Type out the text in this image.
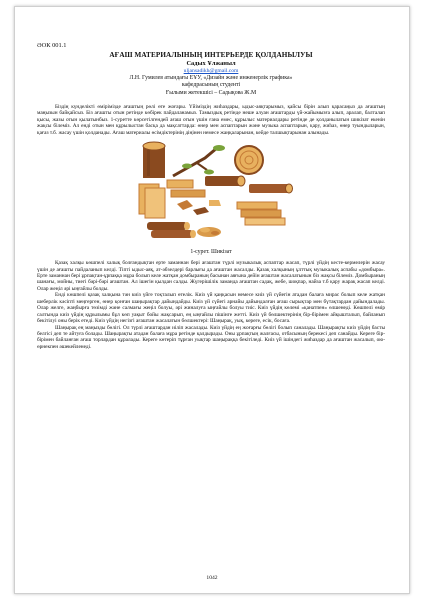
ӘОК 001.1
АҒАШ МАТЕРИАЛЫНЫҢ ИНТЕРЬЕРДЕ ҚОЛДАНЫЛУЫ
Садых Ұлжаныл
uljansadikh@gmail.com
Л.Н. Гумилев атындағы ЕҰУ, «Дизайн және инженерлік графика»
кафедрасының студенті
Ғылыми жетекшісі – Садықова Ж.М

Біздің күнделікті өмірімізде ағаштың рөлі өте жоғары. Үйіміздің жиһаздары, ыдыс-аяқтарымыз, қайсы бірін алып қарасаңыз да ағаштың маңызын байқайсыз. Біз ағашты отын ретінде көбірек пайдаланамыз. Тамыздық ретінде неше алуан ағаштарды үй-жайымызға алып, аралап, балталап қысы, жазы отын қылатынбыз. 1-суретте көрсетілгендей ағаш отын үшін ғана емес, құрылыс материалдары ретінде де қолданылатын шикізат екенін жақсы білеміз. Ал енді отын мен құрылыстан басқа да мақсаттарда: өнер мен аспаптарын және музыка аспаптарын, қару, жиһаз, өнер туындыларын, қағаз т.б. жасау үшін қолданады. Ағаш материалы өсімдіктерінің діңінен немесе жаңқаларынан, кейде талшықтарынан алынады.

1-сурет. Шикізат

Қазақ халқы көшпелі халық болғандықтан ерте заманнан бері ағаштан түрлі музыкалық аспаптар жасап, түрлі үйдің кесте-кермелерін жасау үшін де ағашты пайдаланып келді. Тіпті ыдыс-аяқ, ат-әбзелдері барлығы да ағаштан жасалды. Қазақ халқының ұлттық музыкалық аспабы «домбыра». Ерте заманнан бері ұрпақтан-ұрпаққа мұра болып келе жатқан домбыраның басынан аяғына дейін ағаштан жасалатынын біз жақсы білеміз. Домбыраның шанағы, мойны, тиегі бәрі-бәрі ағаштан. Ал ішегін қылдан салды. Жүгерішілік заманда ағаштан садақ, жебе, шоқпар, найза т.б қару жарақ жасап келді. Олар жеңіл әрі ыңғайлы болды.

Енді көшпелі қазақ халқына тән киіз үйге тоқталып өтелік. Киіз үй қаңқасын немесе киіз үй сүйегін атадан балаға мирас болып келе жатқан шеберлік кәсіпті меңгерген, өнер қонған шаңырақтар дайындайды. Киіз үй сүйегі арнайы дайындалған ағаш сырықтар мен бүтақтардан дайындалады. Олар желге, жаңбырға төзімді және салмағы жеңіл болуы, әрі жиналуға ыңғайлы болуы тиіс. Киіз үйдің көлемі «қанатпен» өлшенеді. Көшпелі өмір салтында киіз үйдің құрылымы бұл көп уақыт бойы жақсарып, ең ыңғайлы пішінге жетті. Киіз үй бөлшектерінің бір-бірімен айқышталып, байланып бекітілуі оны берік етеді. Киіз үйдің негізгі ағаштан жасалатын бөлшектері: Шаңырақ, уық, кереге, есік, босаға.

Шаңырақ ең маңызды бөлігі. Ол түрлі ағаштардан иіліп жасалады. Киіз үйдің ең жоғарғы бөлігі болып саналады. Шаңырақты киіз үйдің басты белгісі деп те айтуға болады. Шаңырақты атадан балаға мұра ретінде қалдырады. Оны ұрпақтың жалғасы, отбасының берекесі деп санайды. Кереге бір-бірімен байланған ағаш торлардан құралады. Кереге көтеріп тұрған уықтар шаңыраққа бекітіледі. Киіз үй ішіндегі жиһаздар да ағаштан жасалып, ою-өрнекпен әшекейленеді.

1042
